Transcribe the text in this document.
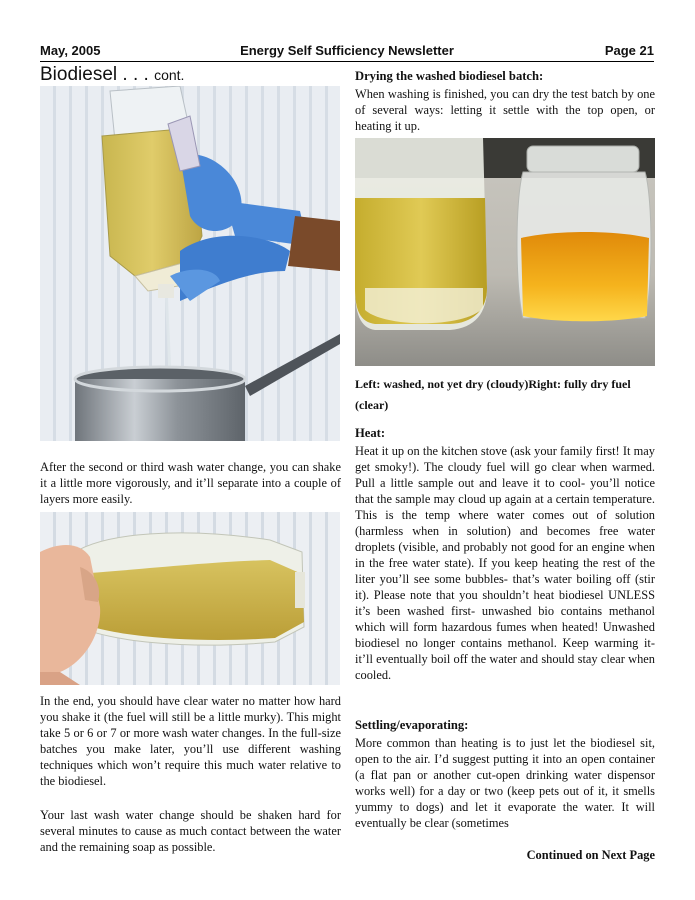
May, 2005	Energy Self Sufficiency Newsletter	Page 21
Biodiesel . . . cont.

After the second or third wash water change, you can shake it a little more vigorously, and it’ll separate into a couple of layers more easily.

In the end, you should have clear water no matter how hard you shake it (the fuel will still be a little murky). This might take 5 or 6 or 7 or more wash water changes. In the full-size batches you make later, you’ll use different washing techniques which won’t require this much water relative to the biodiesel.

Your last wash water change should be shaken hard for several minutes to cause as much contact between the water and the remaining soap as possible.

Drying the washed biodiesel batch:

When washing is finished, you can dry the test batch by one of several ways: letting it settle with the top open, or heating it up.

Left: washed, not yet dry (cloudy)Right: fully dry fuel (clear)
Heat:

Heat it up on the kitchen stove (ask your family first! It may get smoky!). The cloudy fuel will go clear when warmed. Pull a little sample out and leave it to cool- you’ll notice that the sample may cloud up again at a certain temperature. This is the temp where water comes out of solution (harmless when in solution) and becomes free water droplets (visible, and probably not good for an engine when in the free water state). If you keep heating the rest of the liter you’ll see some bubbles- that’s water boiling off (stir it). Please note that you shouldn’t heat biodiesel UNLESS it’s been washed first- unwashed bio contains methanol which will form hazardous fumes when heated! Unwashed biodiesel no longer contains methanol. Keep warming it- it’ll eventually boil off the water and should stay clear when cooled.

Settling/evaporating:

More common than heating is to just let the biodiesel sit, open to the air. I’d suggest putting it into an open container (a flat pan or another cut-open drinking water dispensor works well) for a day or two (keep pets out of it, it smells yummy to dogs) and let it evaporate the water. It will eventually be clear (sometimes

Continued on Next Page
